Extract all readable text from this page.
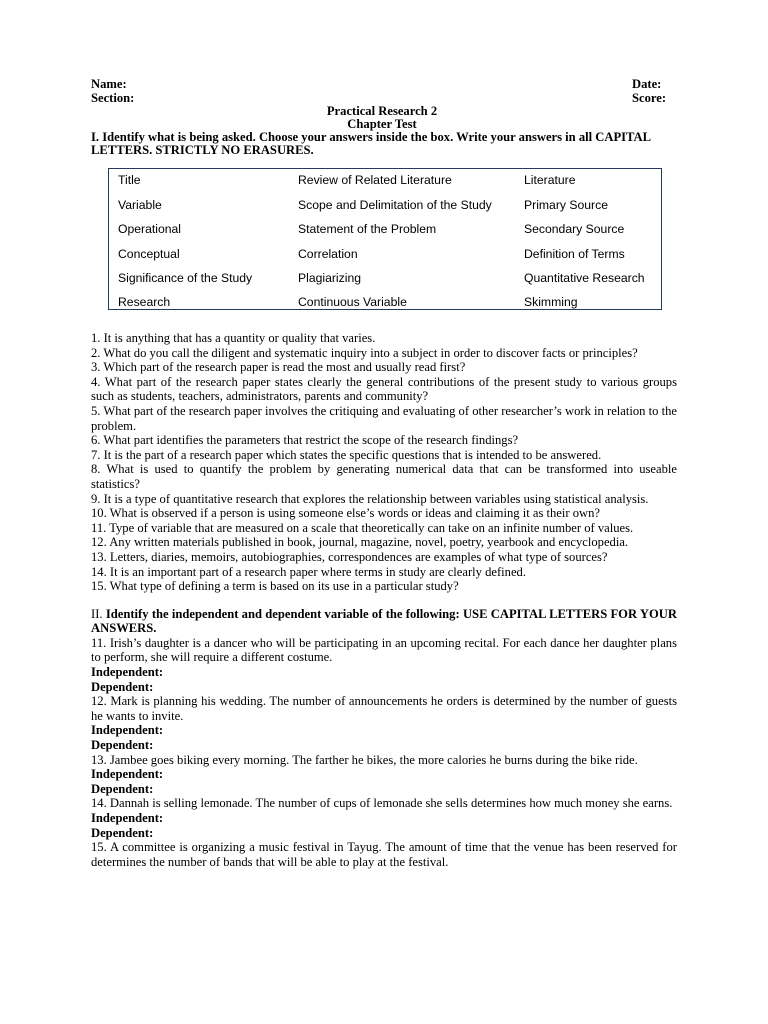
Name:
Section:
Date:
Score:
Practical Research 2
Chapter Test
I. Identify what is being asked. Choose your answers inside the box. Write your answers in all CAPITAL LETTERS. STRICTLY NO ERASURES.
Title	Review of Related Literature	Literature
Variable	Scope and Delimitation of the Study	Primary Source
Operational	Statement of the Problem	Secondary Source
Conceptual	Correlation	Definition of Terms
Significance of the Study	Plagiarizing	Quantitative Research
Research	Continuous Variable	Skimming
1. It is anything that has a quantity or quality that varies.
2. What do you call the diligent and systematic inquiry into a subject in order to discover facts or principles?
3. Which part of the research paper is read the most and usually read first?
4. What part of the research paper states clearly the general contributions of the present study to various groups such as students, teachers, administrators, parents and community?
5. What part of the research paper involves the critiquing and evaluating of other researcher’s work in relation to the problem.
6. What part identifies the parameters that restrict the scope of the research findings?
7. It is the part of a research paper which states the specific questions that is intended to be answered.
8. What is used to quantify the problem by generating numerical data that can be transformed into useable statistics?
9. It is a type of quantitative research that explores the relationship between variables using statistical analysis.
10. What is observed if a person is using someone else’s words or ideas and claiming it as their own?
11. Type of variable that are measured on a scale that theoretically can take on an infinite number of values.
12. Any written materials published in book, journal, magazine, novel, poetry, yearbook and encyclopedia.
13. Letters, diaries, memoirs, autobiographies, correspondences are examples of what type of sources?
14. It is an important part of a research paper where terms in study are clearly defined.
15. What type of defining a term is based on its use in a particular study?
II. Identify the independent and dependent variable of the following: USE CAPITAL LETTERS FOR YOUR ANSWERS.
11. Irish’s daughter is a dancer who will be participating in an upcoming recital. For each dance her daughter plans to perform, she will require a different costume.
Independent:
Dependent:
12. Mark is planning his wedding. The number of announcements he orders is determined by the number of guests he wants to invite.
Independent:
Dependent:
13. Jambee goes biking every morning. The farther he bikes, the more calories he burns during the bike ride.
Independent:
Dependent:
14. Dannah is selling lemonade. The number of cups of lemonade she sells determines how much money she earns.
Independent:
Dependent:
15. A committee is organizing a music festival in Tayug. The amount of time that the venue has been reserved for determines the number of bands that will be able to play at the festival.
